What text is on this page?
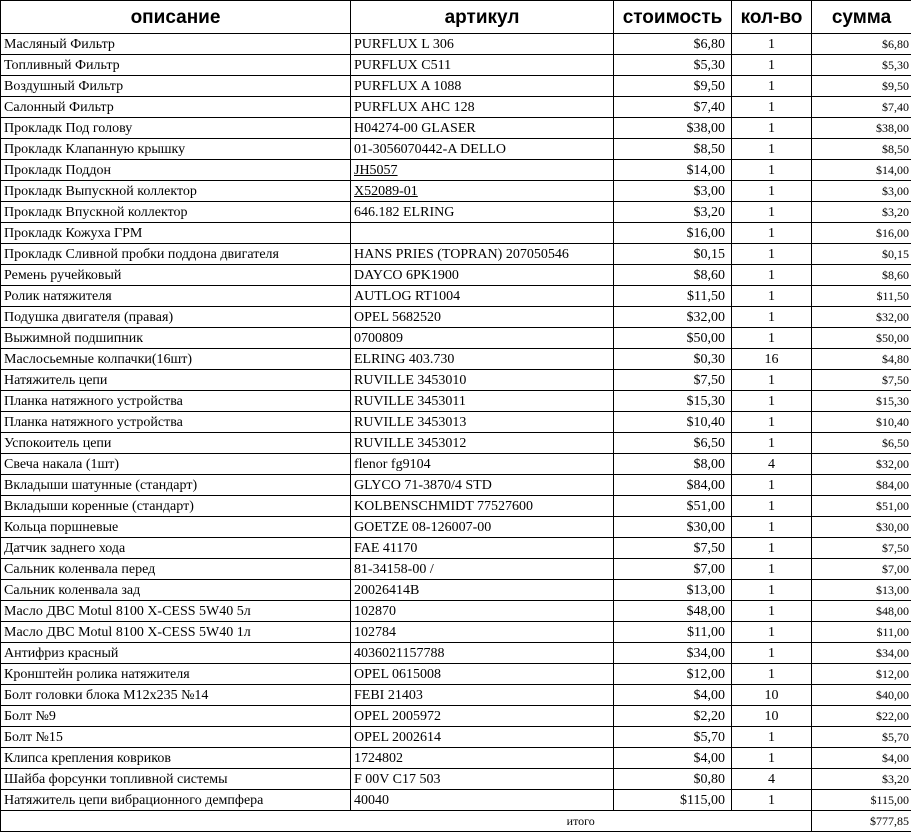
описание	артикул	стоимость	кол-во	сумма
Масляный Фильтр	PURFLUX L 306	$6,80	1	$6,80
Топливный Фильтр	PURFLUX C511	$5,30	1	$5,30
Воздушный Фильтр	PURFLUX A 1088	$9,50	1	$9,50
Салонный Фильтр	PURFLUX AHC 128	$7,40	1	$7,40
Прокладк Под голову	H04274-00 GLASER	$38,00	1	$38,00
Прокладк Клапанную крышку	01-3056070442-A DELLO	$8,50	1	$8,50
Прокладк Поддон	JH5057	$14,00	1	$14,00
Прокладк Выпускной коллектор	X52089-01	$3,00	1	$3,00
Прокладк Впускной коллектор	646.182 ELRING	$3,20	1	$3,20
Прокладк Кожуха ГРМ		$16,00	1	$16,00
Прокладк Сливной пробки поддона двигателя	HANS PRIES (TOPRAN) 207050546	$0,15	1	$0,15
Ремень ручейковый	DAYCO 6PK1900	$8,60	1	$8,60
Ролик натяжителя	AUTLOG RT1004	$11,50	1	$11,50
Подушка двигателя (правая)	OPEL 5682520	$32,00	1	$32,00
Выжимной подшипник	0700809	$50,00	1	$50,00
Маслосьемные колпачки(16шт)	ELRING 403.730	$0,30	16	$4,80
Натяжитель цепи	RUVILLE 3453010	$7,50	1	$7,50
Планка натяжного устройства	RUVILLE 3453011	$15,30	1	$15,30
Планка натяжного устройства	RUVILLE 3453013	$10,40	1	$10,40
Успокоитель цепи	RUVILLE 3453012	$6,50	1	$6,50
Свеча накала (1шт)	flenor fg9104	$8,00	4	$32,00
Вкладыши шатунные (стандарт)	GLYCO 71-3870/4 STD	$84,00	1	$84,00
Вкладыши коренные (стандарт)	KOLBENSCHMIDT 77527600	$51,00	1	$51,00
Кольца поршневые	GOETZE 08-126007-00	$30,00	1	$30,00
Датчик заднего хода	FAE 41170	$7,50	1	$7,50
Сальник коленвала перед	81-34158-00 /	$7,00	1	$7,00
Сальник коленвала зад	20026414B	$13,00	1	$13,00
Масло ДВС Motul 8100 X-CESS 5W40 5л	102870	$48,00	1	$48,00
Масло ДВС Motul 8100 X-CESS 5W40 1л	102784	$11,00	1	$11,00
Антифриз красный	4036021157788	$34,00	1	$34,00
Кронштейн ролика натяжителя	OPEL 0615008	$12,00	1	$12,00
Болт головки блока М12х235 №14	FEBI 21403	$4,00	10	$40,00
Болт №9	OPEL 2005972	$2,20	10	$22,00
Болт №15	OPEL 2002614	$5,70	1	$5,70
Клипса крепления ковриков	1724802	$4,00	1	$4,00
Шайба форсунки топливной системы	F 00V C17 503	$0,80	4	$3,20
Натяжитель цепи вибрационного демпфера	40040	$115,00	1	$115,00
	итого			$777,85
